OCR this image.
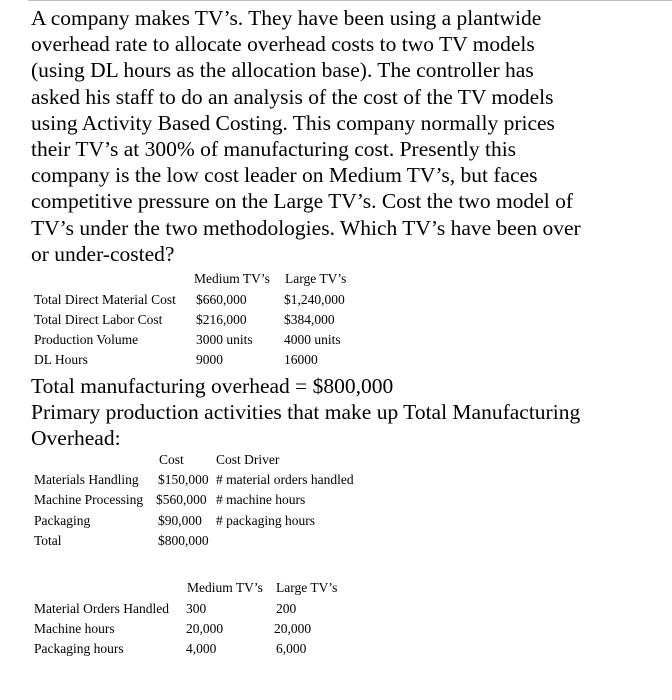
A company makes TV’s. They have been using a plantwide
overhead rate to allocate overhead costs to two TV models
(using DL hours as the allocation base). The controller has
asked his staff to do an analysis of the cost of the TV models
using Activity Based Costing. This company normally prices
their TV’s at 300% of manufacturing cost. Presently this
company is the low cost leader on Medium TV’s, but faces
competitive pressure on the Large TV’s. Cost the two model of
TV’s under the two methodologies. Which TV’s have been over
or under-costed?
Medium TV’s Large TV’s
Total Direct Material Cost $660,000	$1,240,000
Total Direct Labor Cost $216,000	$384,000
Production Volume	3000 units 4000 units
DL Hours	9000	16000
Total manufacturing overhead = $800,000
Primary production activities that make up Total Manufacturing
Overhead:
Cost Cost Driver
Materials Handling $150,000 # material orders handled
Machine Processing $560,000 # machine hours
Packaging	$90,000 # packaging hours
Total	$800,000
Medium TV’s Large TV’s
Material Orders Handled 300	200
Machine hours	20,000	20,000
Packaging hours	4,000	6,000
